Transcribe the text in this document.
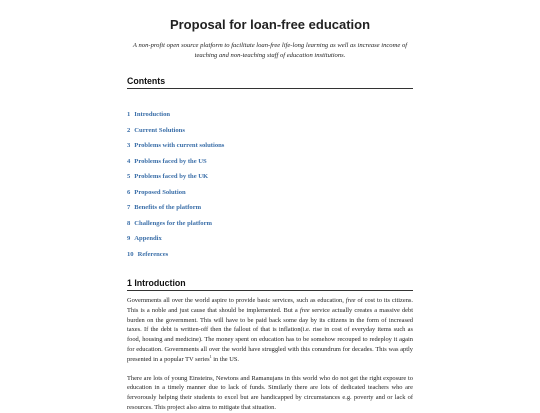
Proposal for loan-free education
A non-profit open source platform to facilitate loan-free life-long learning as well as increase income of teaching and non-teaching staff of education institutions.
Contents
1 Introduction
2 Current Solutions
3 Problems with current solutions
4 Problems faced by the US
5 Problems faced by the UK
6 Proposed Solution
7 Benefits of the platform
8 Challenges for the platform
9 Appendix
10 References
1 Introduction

Governments all over the world aspire to provide basic services, such as education, free of cost to its citizens. This is a noble and just cause that should be implemented. But a free service actually creates a massive debt burden on the government. This will have to be paid back some day by its citizens in the form of increased taxes. If the debt is written-off then the fallout of that is inflation(i.e. rise in cost of everyday items such as food, housing and medicine). The money spent on education has to be somehow recouped to redeploy it again for education. Governments all over the world have struggled with this conundrum for decades. This was aptly presented in a popular TV series$^1$ in the US.

There are lots of young Einsteins, Newtons and Ramanujans in this world who do not get the right exposure to education in a timely manner due to lack of funds. Similarly there are lots of dedicated teachers who are fervorously helping their students to excel but are handicapped by circumstances e.g. poverty and or lack of resources. This project also aims to mitigate that situation.
